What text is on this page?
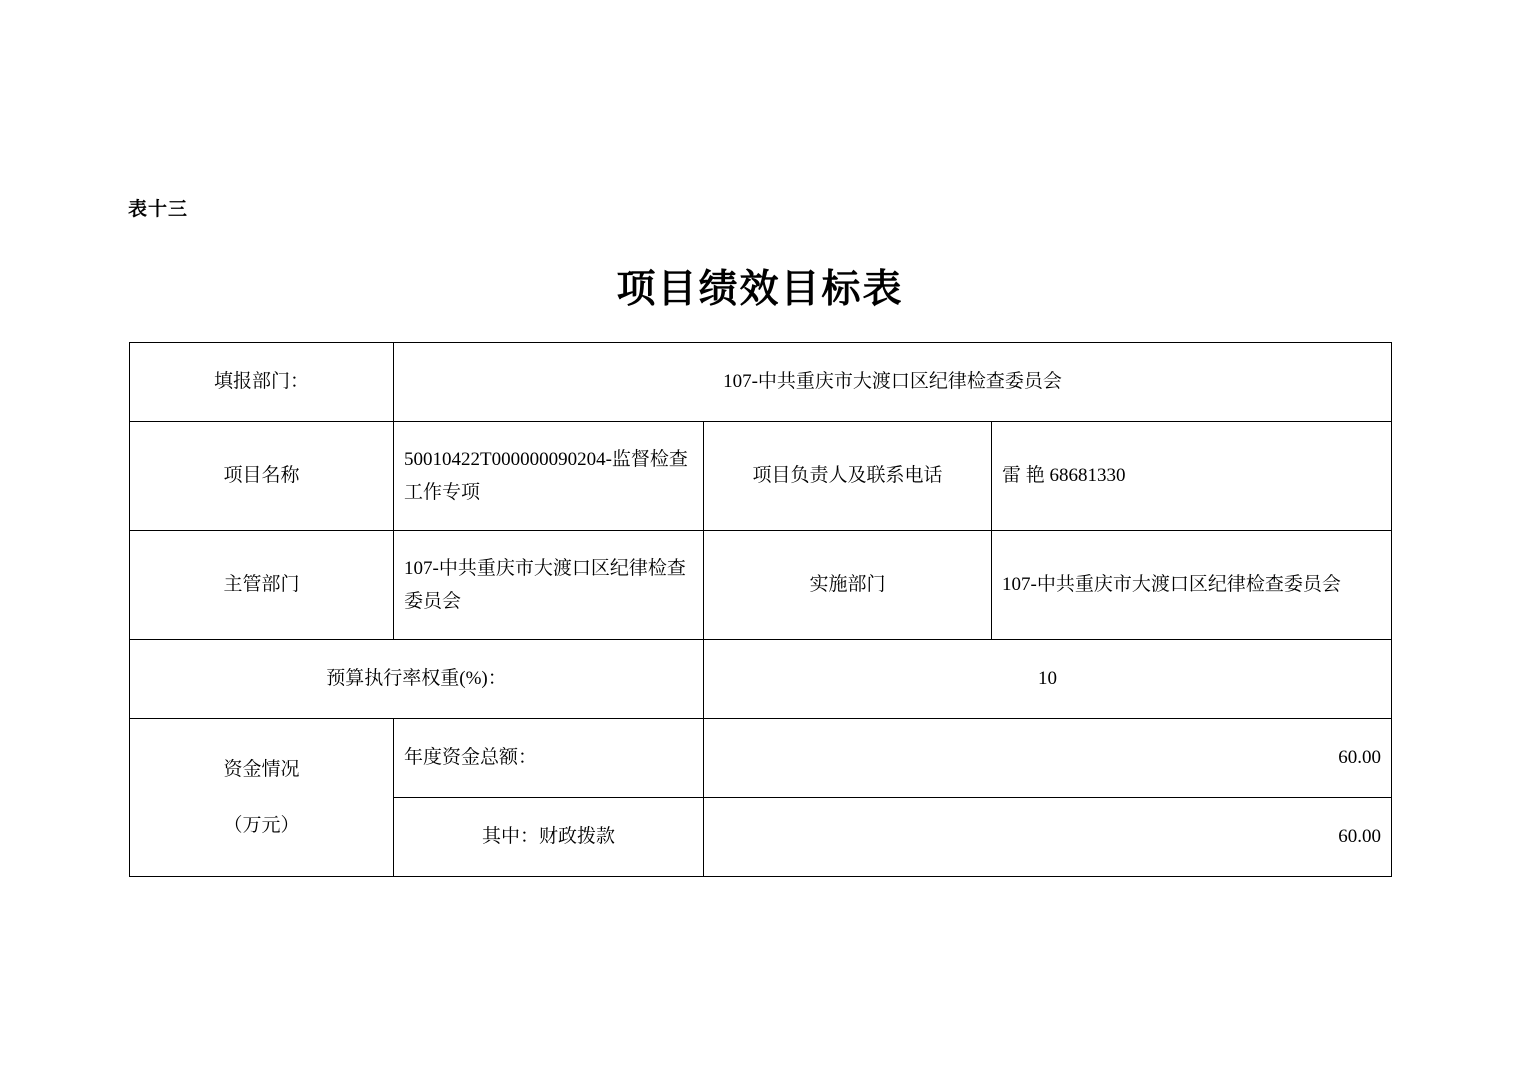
表十三
项目绩效目标表
填报部门：	107-中共重庆市大渡口区纪律检查委员会		
项目名称	50010422T000000090204-监督检查工作专项	项目负责人及联系电话	雷 艳 68681330
主管部门	107-中共重庆市大渡口区纪律检查委员会	实施部门	107-中共重庆市大渡口区纪律检查委员会
预算执行率权重(%)：		10	

资金情况
（万元）	年度资金总额：	60.00	
	其中：财政拨款	60.00	
